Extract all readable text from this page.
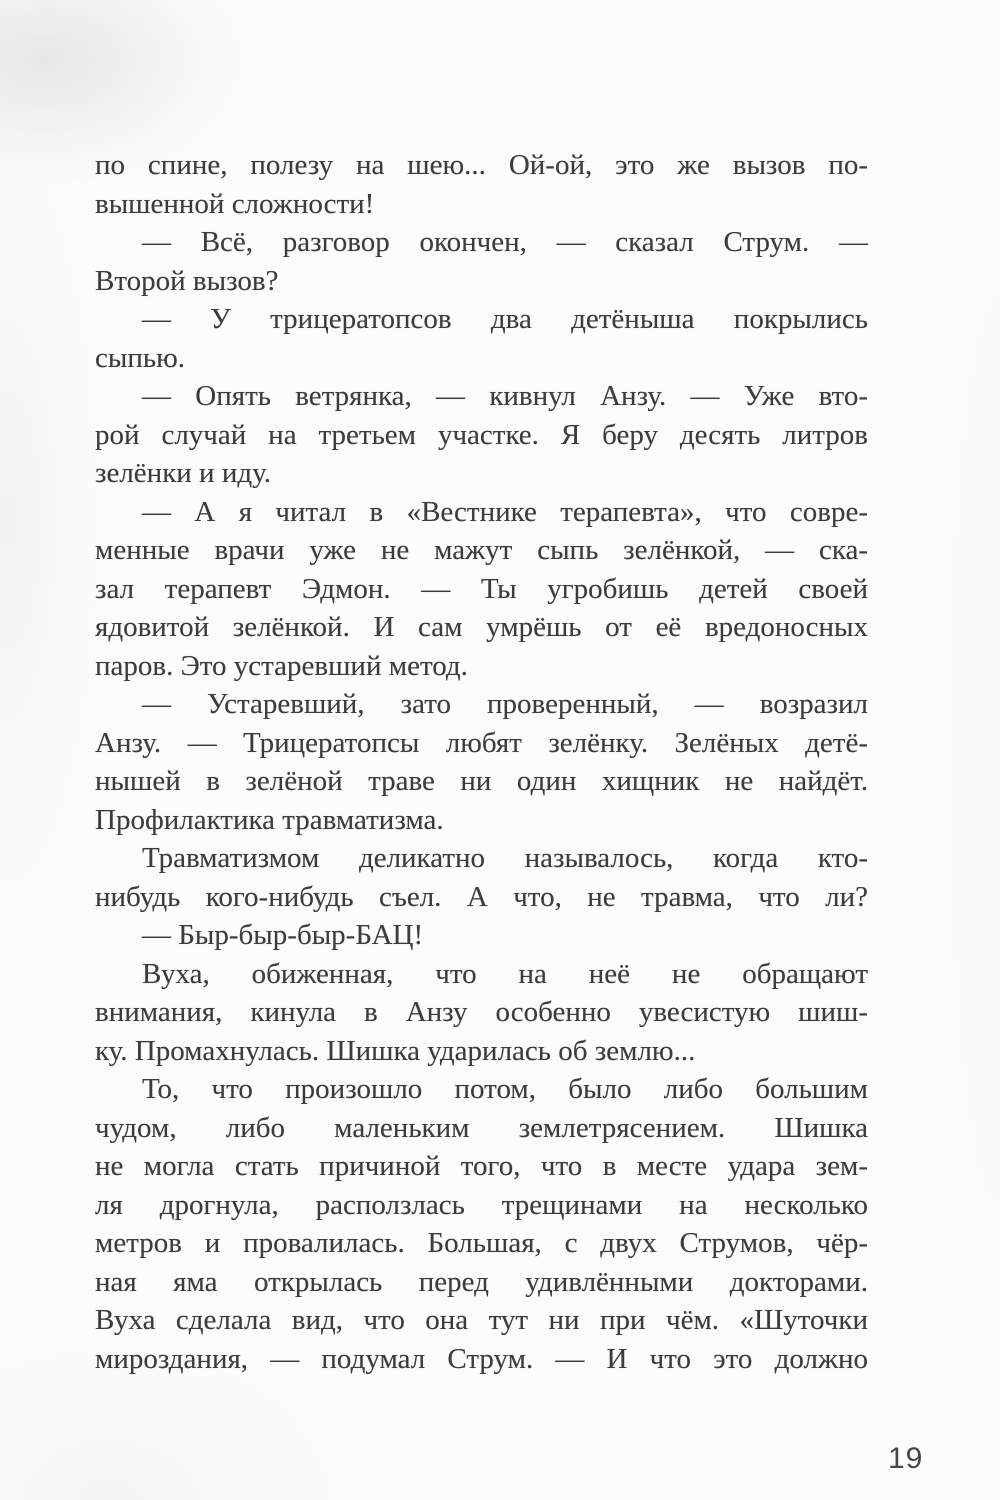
по спине, полезу на шею... Ой-ой, это же вызов по-
вышенной сложности!
— Всё, разговор окончен, — сказал Струм. —
Второй вызов?
— У трицератопсов два детёныша покрылись
сыпью.
— Опять ветрянка, — кивнул Анзу. — Уже вто-
рой случай на третьем участке. Я беру десять литров
зелёнки и иду.
— А я читал в «Вестнике терапевта», что совре-
менные врачи уже не мажут сыпь зелёнкой, — ска-
зал терапевт Эдмон. — Ты угробишь детей своей
ядовитой зелёнкой. И сам умрёшь от её вредоносных
паров. Это устаревший метод.
— Устаревший, зато проверенный, — возразил
Анзу. — Трицератопсы любят зелёнку. Зелёных детё-
нышей в зелёной траве ни один хищник не найдёт.
Профилактика травматизма.
Травматизмом деликатно называлось, когда кто-
нибудь кого-нибудь съел. А что, не травма, что ли?
— Быр-быр-быр-БАЦ!
Вуха, обиженная, что на неё не обращают
внимания, кинула в Анзу особенно увесистую шиш-
ку. Промахнулась. Шишка ударилась об землю...
То, что произошло потом, было либо большим
чудом, либо маленьким землетрясением. Шишка
не могла стать причиной того, что в месте удара зем-
ля дрогнула, расползлась трещинами на несколько
метров и провалилась. Большая, с двух Струмов, чёр-
ная яма открылась перед удивлёнными докторами.
Вуха сделала вид, что она тут ни при чём. «Шуточки
мироздания, — подумал Струм. — И что это должно
19
